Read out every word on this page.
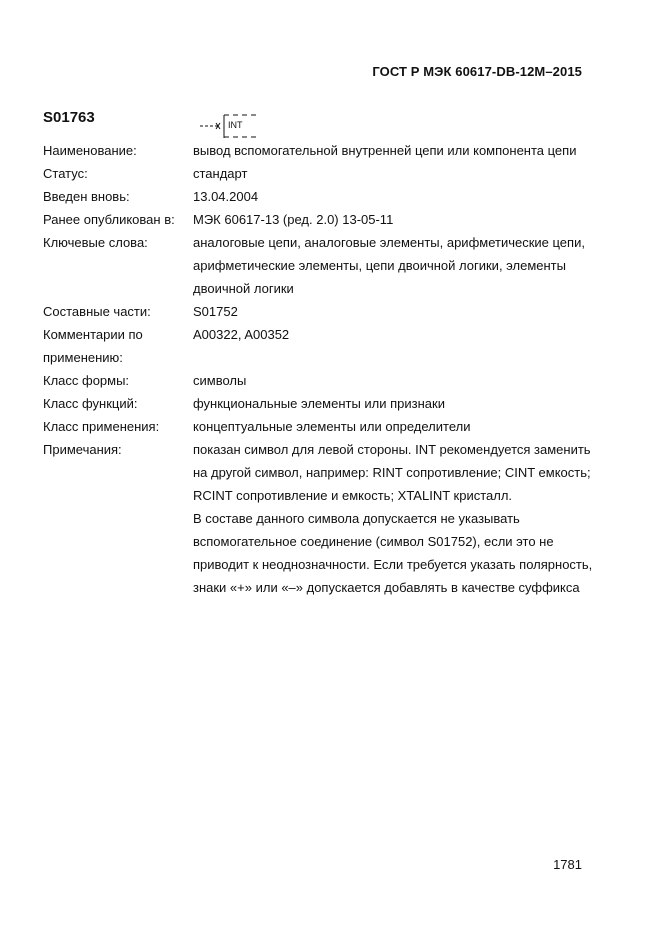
ГОСТ Р МЭК 60617-DB-12M–2015
S01763	INT
Наименование:	вывод вспомогательной внутренней цепи или компонента цепи
Статус:	стандарт
Введен вновь:	13.04.2004
Ранее опубликован в:	МЭК 60617-13 (ред. 2.0) 13-05-11
Ключевые слова:	аналоговые цепи, аналоговые элементы, арифметические цепи, арифметические элементы, цепи двоичной логики, элементы двоичной логики
Составные части:	S01752
Комментарии по применению:
A00322, A00352
Класс формы:	символы
Класс функций:	функциональные элементы или признаки
Класс применения:	концептуальные элементы или определители
Примечания:	показан символ для левой стороны. INT рекомендуется заменить на другой символ, например: RINT сопротивление; CINT емкость; RCINT сопротивление и емкость; XTALINT кристалл.
В составе данного символа допускается не указывать вспомогательное соединение (символ S01752), если это не приводит к неоднозначности. Если требуется указать полярность, знаки «+» или «–» допускается добавлять в качестве суффикса
1781
